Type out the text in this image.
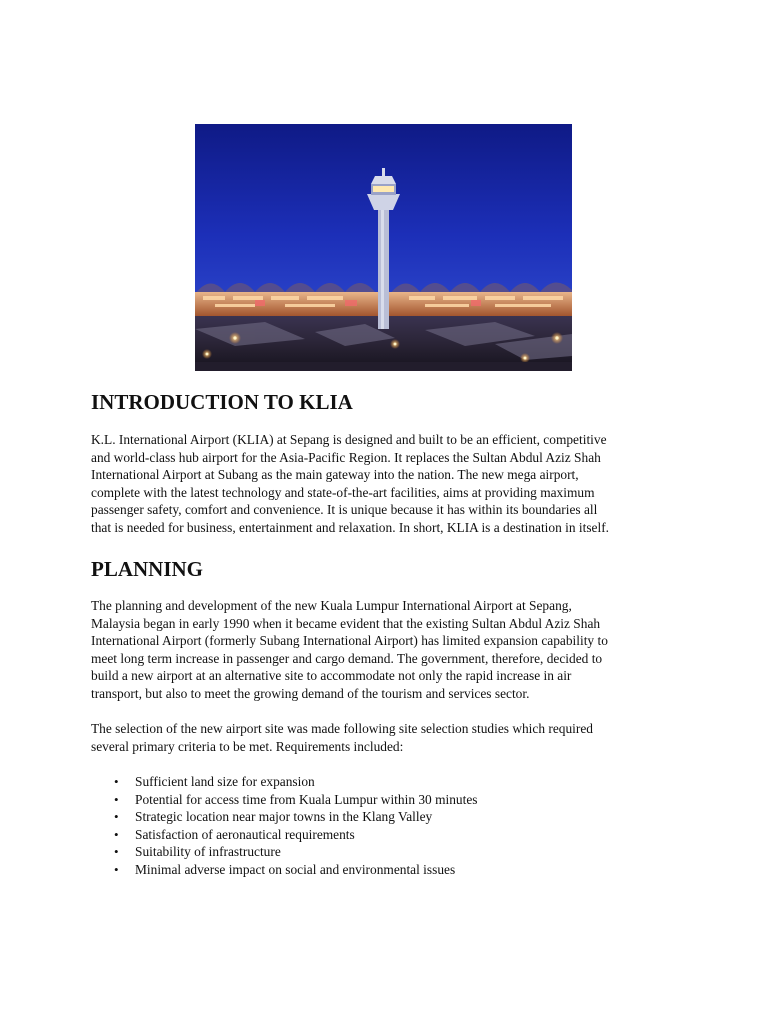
INTRODUCTION TO KLIA

K.L. International Airport (KLIA) at Sepang is designed and built to be an efficient, competitive
and world-class hub airport for the Asia-Pacific Region. It replaces the Sultan Abdul Aziz Shah
International Airport at Subang as the main gateway into the nation. The new mega airport,
complete with the latest technology and state-of-the-art facilities, aims at providing maximum
passenger safety, comfort and convenience. It is unique because it has within its boundaries all
that is needed for business, entertainment and relaxation. In short, KLIA is a destination in itself.

PLANNING

The planning and development of the new Kuala Lumpur International Airport at Sepang,
Malaysia began in early 1990 when it became evident that the existing Sultan Abdul Aziz Shah
International Airport (formerly Subang International Airport) has limited expansion capability to
meet long term increase in passenger and cargo demand. The government, therefore, decided to
build a new airport at an alternative site to accommodate not only the rapid increase in air
transport, but also to meet the growing demand of the tourism and services sector.

The selection of the new airport site was made following site selection studies which required
several primary criteria to be met. Requirements included:

• Sufficient land size for expansion
• Potential for access time from Kuala Lumpur within 30 minutes
• Strategic location near major towns in the Klang Valley
• Satisfaction of aeronautical requirements
• Suitability of infrastructure
• Minimal adverse impact on social and environmental issues
